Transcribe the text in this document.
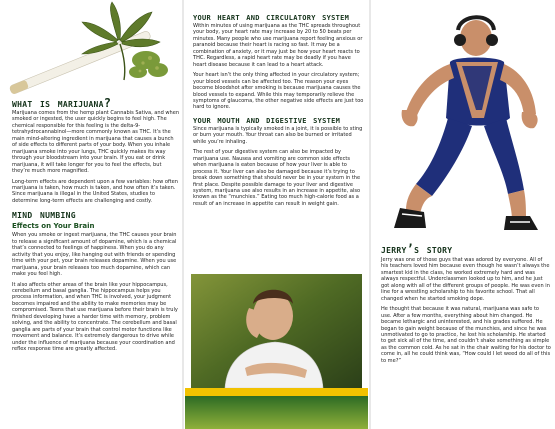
what is marijuana?

Marijuana comes from the hemp plant Cannabis Sativa, and when smoked or ingested, the user quickly begins to feel high. The chemical responsible for this feeling is the delta-9-tetrahydrocannabinol—more commonly known as THC. It’s the main mind-altering ingredient in marijuana that causes a bunch of side effects to different parts of your body. When you inhale marijuana smoke into your lungs, THC quickly makes its way through your bloodstream into your brain. If you eat or drink marijuana, it will take longer for you to feel the effects, but they’re much more magnified.

Long-term effects are dependent upon a few variables: how often marijuana is taken, how much is taken, and how often it’s taken. Since marijuana is illegal in the United States, studies to determine long-term effects are challenging and costly.

mind numbing
Effects on Your Brain

When you smoke or ingest marijuana, the THC causes your brain to release a significant amount of dopamine, which is a chemical that’s connected to feelings of happiness. When you do any activity that you enjoy, like hanging out with friends or spending time with your pet, your brain releases dopamine. When you use marijuana, your brain releases too much dopamine, which can make you feel high.

It also affects other areas of the brain like your hippocampus, cerebellum and basal ganglia. The hippocampus helps you process information, and when THC is involved, your judgment becomes impaired and the ability to make memories may be compromised. Teens that use marijuana before their brain is truly finished developing have a harder time with memory, problem solving, and the ability to concentrate. The cerebellum and basal ganglia are parts of your brain that control motor functions like movement and balance. It’s extremely dangerous to drive while under the influence of marijuana because your coordination and reflex response time are greatly affected.

your heart and circulatory system

Within minutes of using marijuana as the THC spreads throughout your body, your heart rate may increase by 20 to 50 beats per minutes. Many people who use marijuana report feeling anxious or paranoid because their heart is racing so fast. It may be a combination of anxiety, or it may just be how your heart reacts to THC. Regardless, a rapid heart rate may be deadly if you have heart disease because it can lead to a heart attack.

Your heart isn’t the only thing affected in your circulatory system; your blood vessels can be affected too. The reason your eyes become bloodshot after smoking is because marijuana causes the blood vessels to expand. While this may temporarily relieve the symptoms of glaucoma, the other negative side effects are just too hard to ignore.

your mouth and digestive system

Since marijuana is typically smoked in a joint, it is possible to sting or burn your mouth. Your throat can also be burned or irritated while you’re inhaling.

The rest of your digestive system can also be impacted by marijuana use. Nausea and vomiting are common side effects when marijuana is eaten because of how your liver is able to process it. Your liver can also be damaged because it’s trying to break down something that should never be in your system in the first place. Despite possible damage to your liver and digestive system, marijuana use also results in an increase in appetite, also known as the “munchies.” Eating too much high-calorie food as a result of an increase in appetite can result in weight gain.

jerry’s story

Jerry was one of those guys that was adored by everyone. All of his teachers loved him because even though he wasn’t always the smartest kid in the class, he worked extremely hard and was always respectful. Underclassmen looked up to him, and he just got along with all of the different groups of people. He was even in line for a wrestling scholarship to his favorite school. That all changed when he started smoking dope.

He thought that because it was natural, marijuana was safe to use. After a few months, everything about him changed. He became lethargic and uninterested, and his grades suffered. He began to gain weight because of the munchies, and since he was unmotivated to go to practice, he lost his scholarship. He started to get sick all of the time, and couldn’t shake something as simple as the common cold. As he sat in the chair waiting for his doctor to come in, all he could think was, “How could I let weed do all of this to me?”
